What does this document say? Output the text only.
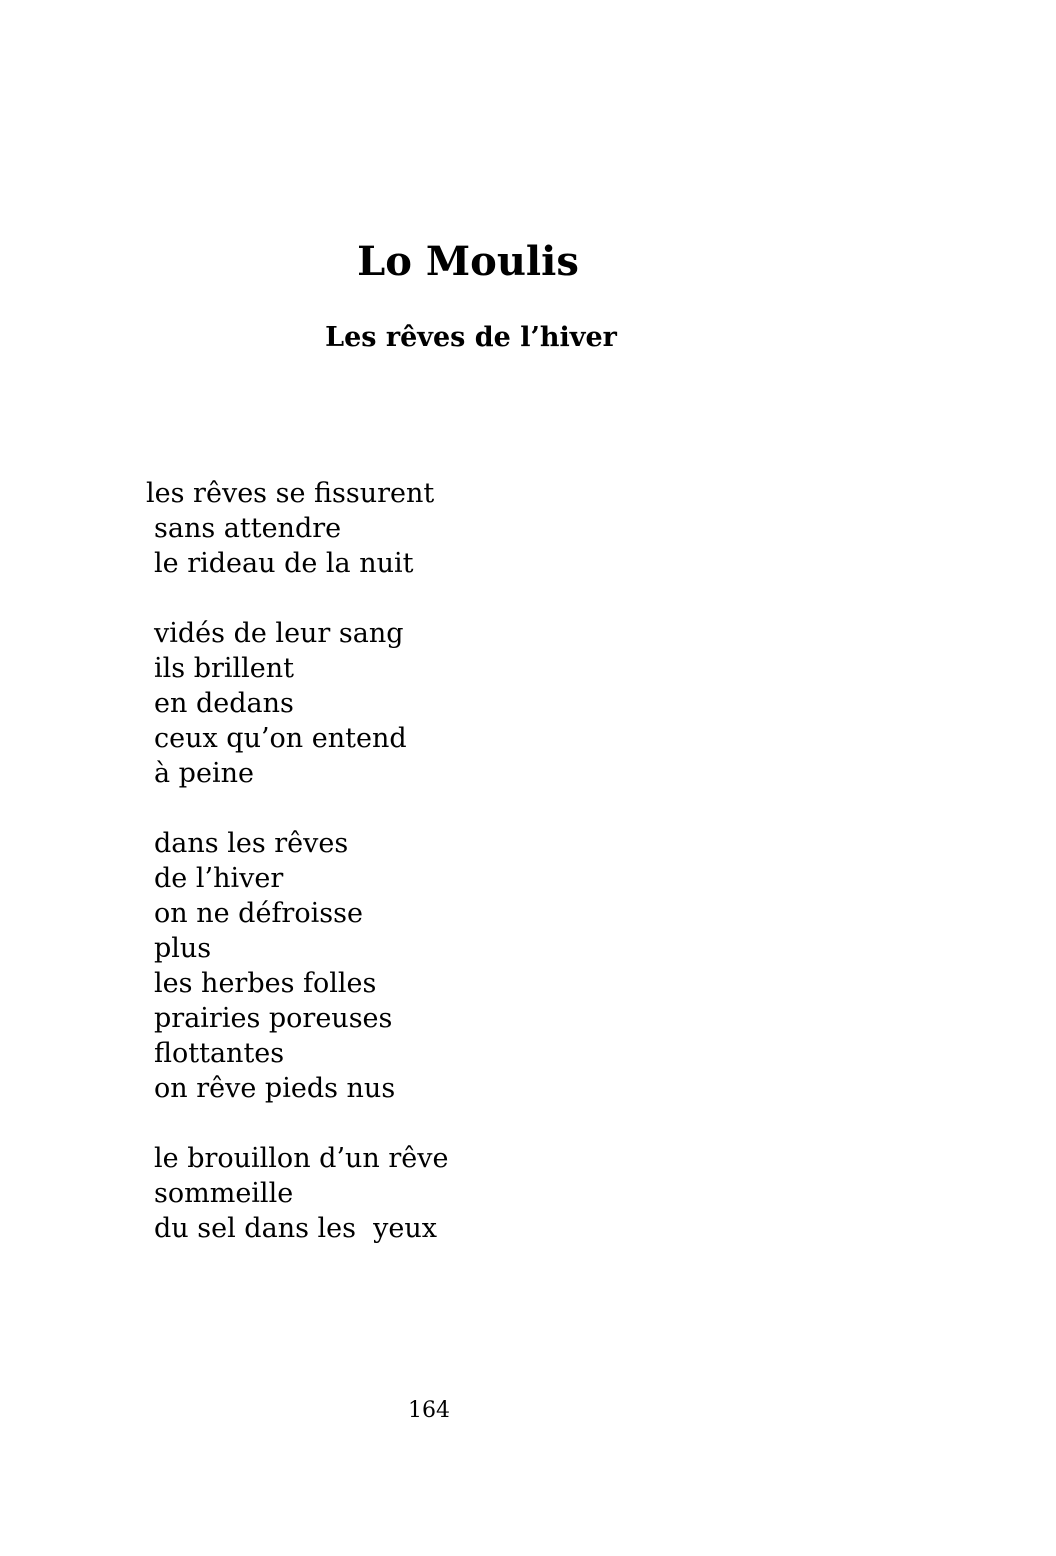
Lo Moulis
Les rêves de l’hiver
les rêves se fissurent
sans attendre
le rideau de la nuit
vidés de leur sang
ils brillent
en dedans
ceux qu’on entend
à peine
dans les rêves
de l’hiver
on ne défroisse
plus
les herbes folles
prairies poreuses
flottantes
on rêve pieds nus
le brouillon d’un rêve
sommeille
du sel dans les  yeux
164
